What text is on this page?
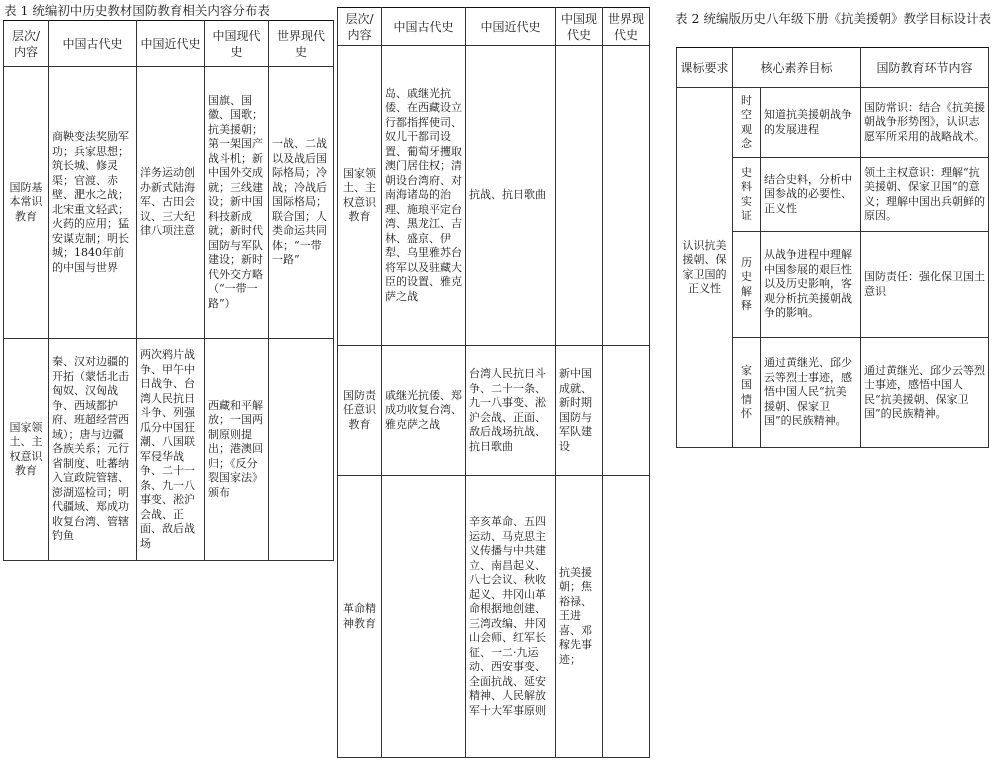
表 1 统编初中历史教材国防教育相关内容分布表
层次/内容	中国古代史	中国近代史	中国现代史	世界现代史
国防基本常识教育	商鞅变法奖励军功；兵家思想；筑长城、修灵渠；官渡、赤壁、淝水之战；北宋重文轻武；火药的应用；猛安谋克制；明长城；1840年前的中国与世界	洋务运动创办新式陆海军、古田会议、三大纪律八项注意	国旗、国徽、国歌；抗美援朝；第一架国产战斗机；新中国外交成就；三线建设；新中国科技新成就；新时代国防与军队建设；新时代外交方略（“一带一路”）	一战、二战以及战后国际格局；冷战；冷战后国际格局；联合国；人类命运共同体；“一带一路”
国家领土、主权意识教育	秦、汉对边疆的开拓（蒙恬北击匈奴、汉匈战争、西域都护府、班超经营西域）；唐与边疆各族关系；元行省制度、吐蕃纳入宣政院管辖、澎湖巡检司；明代疆域、郑成功收复台湾、管辖钓鱼	两次鸦片战争、甲午中日战争、台湾人民抗日斗争、列强瓜分中国狂潮、八国联军侵华战争、二十一条、九一八事变、淞沪会战、正面、敌后战场	西藏和平解放；一国两制原则提出；港澳回归；《反分裂国家法》颁布	
层次/内容	中国古代史	中国近代史	中国现代史	世界现代史
国家领土、主权意识教育	岛、戚继光抗倭、在西藏设立行都指挥使司、奴儿干都司设置、葡萄牙攫取澳门居住权；清朝设台湾府、对南海诸岛的治理、施琅平定台湾、黑龙江、吉林、盛京、伊犁、乌里雅苏台将军以及驻藏大臣的设置、雅克萨之战	抗战、抗日歌曲		
国防责任意识教育	戚继光抗倭、郑成功收复台湾、雅克萨之战	台湾人民抗日斗争、二十一条、九一八事变、淞沪会战、正面、敌后战场抗战、抗日歌曲	新中国成就、新时期国防与军队建设	
革命精神教育		辛亥革命、五四运动、马克思主义传播与中共建立、南昌起义、八七会议、秋收起义、井冈山革命根据地创建、三湾改编、井冈山会师、红军长征、一二·九运动、西安事变、全面抗战、延安精神、人民解放军十大军事原则	抗美援朝；焦裕禄、王进喜、邓稼先事迹；	
表 2 统编版历史八年级下册《抗美援朝》教学目标设计表
课标要求	核心素养目标		国防教育环节内容
认识抗美援朝、保家卫国的正义性	时空观念	知道抗美援朝战争的发展进程	国防常识：结合《抗美援朝战争形势图》，认识志愿军所采用的战略战术。
	史料实证	结合史料，分析中国参战的必要性、正义性	领土主权意识：理解“抗美援朝、保家卫国”的意义；理解中国出兵朝鲜的原因。
	历史解释	从战争进程中理解中国参展的艰巨性以及历史影响，客观分析抗美援朝战争的影响。	国防责任：强化保卫国土意识
	家国情怀	通过黄继光、邱少云等烈士事迹，感悟中国人民“抗美援朝、保家卫国”的民族精神。	通过黄继光、邱少云等烈士事迹，感悟中国人民“抗美援朝、保家卫国”的民族精神。
